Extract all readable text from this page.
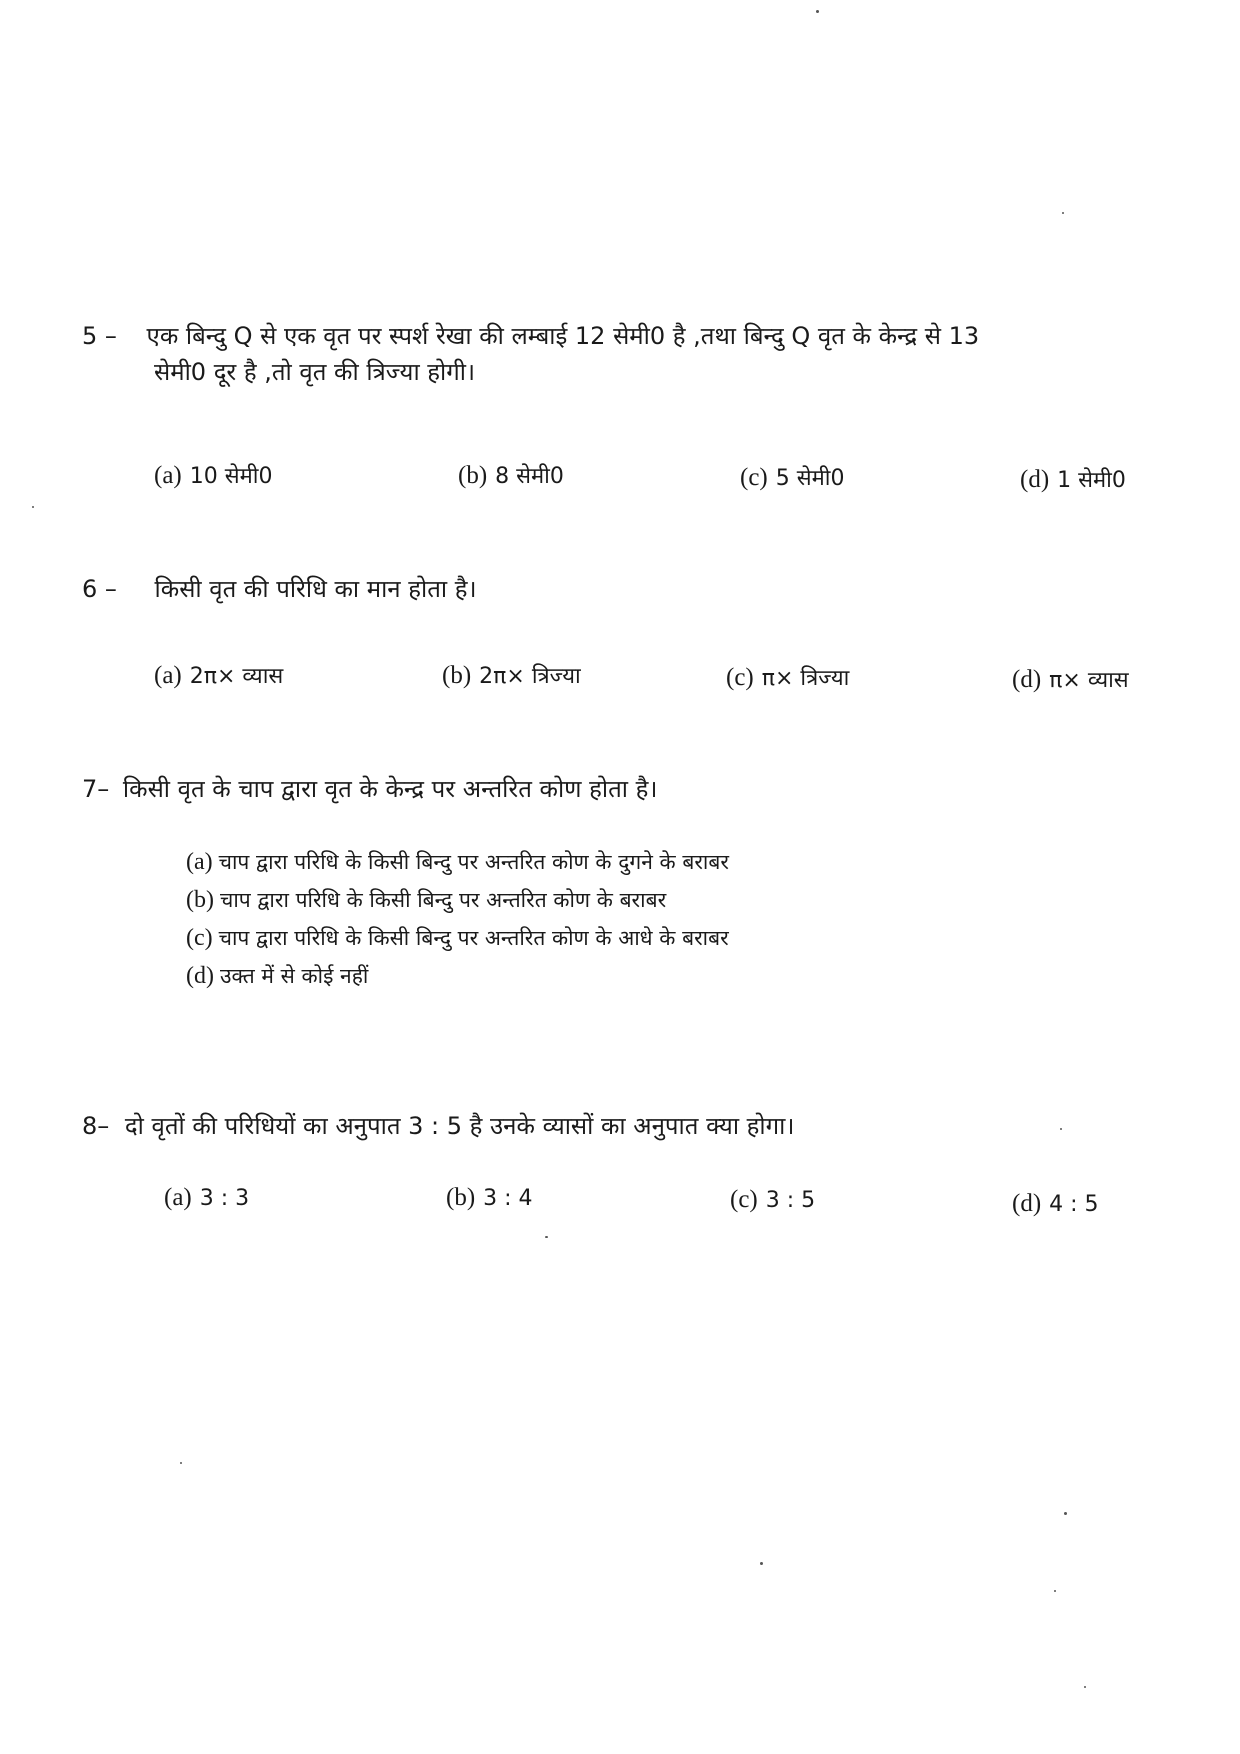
5 – एक बिन्दु Q से एक वृत पर स्पर्श रेखा की लम्बाई 12 सेमी0 है ,तथा बिन्दु Q वृत के केन्द्र से 13
सेमी0 दूर है ,तो वृत की त्रिज्या होगी।
(a) 10 सेमी0	(b) 8 सेमी0	(c) 5 सेमी0	(d) 1 सेमी0
6 – किसी वृत की परिधि का मान होता है।
(a) 2π× व्यास	(b) 2π× त्रिज्या	(c) π× त्रिज्या	(d) π× व्यास
7– किसी वृत के चाप द्वारा वृत के केन्द्र पर अन्तरित कोण होता है।
(a) चाप द्वारा परिधि के किसी बिन्दु पर अन्तरित कोण के दुगने के बराबर
(b) चाप द्वारा परिधि के किसी बिन्दु पर अन्तरित कोण के बराबर
(c) चाप द्वारा परिधि के किसी बिन्दु पर अन्तरित कोण के आधे के बराबर
(d) उक्त में से कोई नहीं
8– दो वृतों की परिधियों का अनुपात 3 : 5 है उनके व्यासों का अनुपात क्या होगा।
(a) 3 : 3	(b) 3 : 4	(c) 3 : 5	(d) 4 : 5
